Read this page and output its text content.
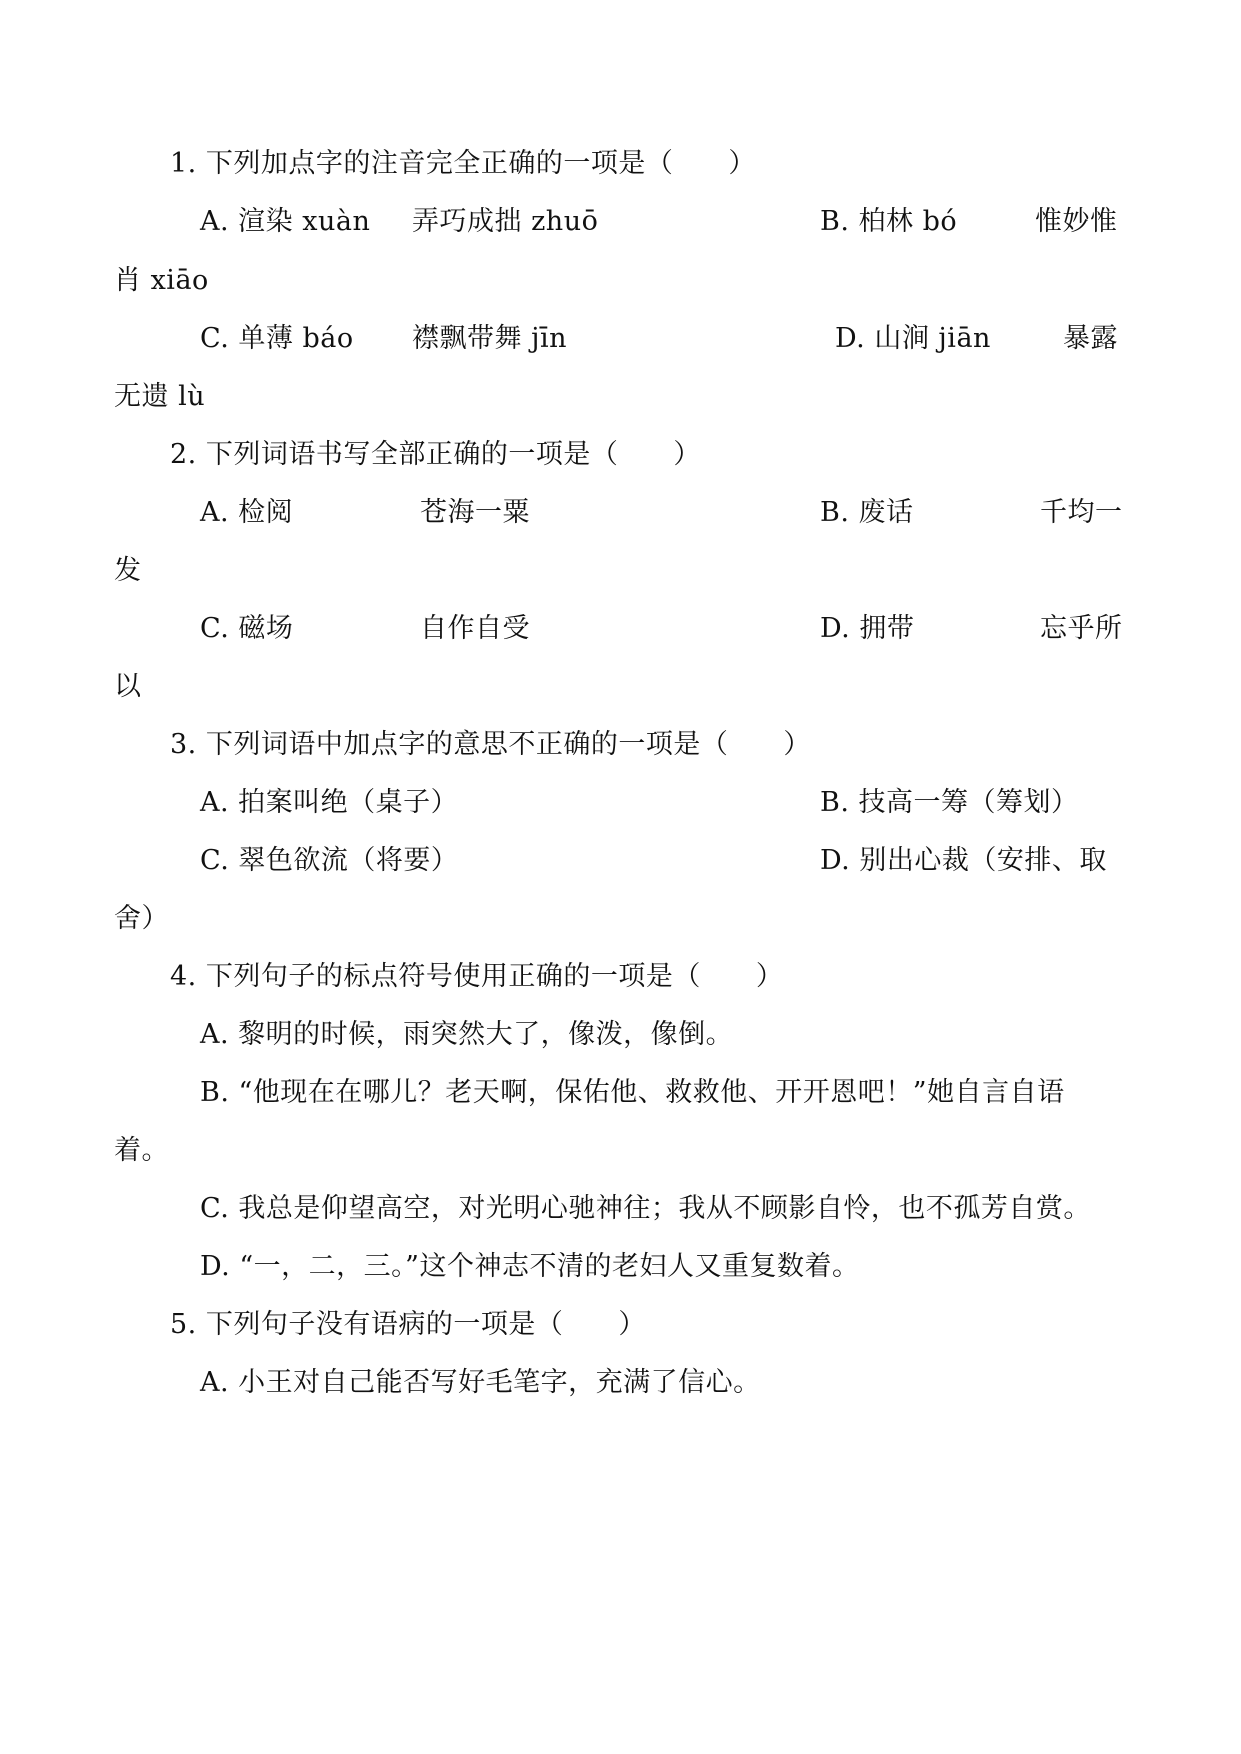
1. 下列加点字的注音完全正确的一项是（　　）
A. 渲染 xuàn 弄巧成拙 zhuō	B. 柏林 bó	惟妙惟
肖 xiāo
C. 单薄 báo 襟飘带舞 jīn	D. 山涧 jiān	暴露
无遗 lù
2. 下列词语书写全部正确的一项是（　　）
A. 检阅	苍海一粟	B. 废话	千均一
发
C. 磁场	自作自受	D. 拥带	忘乎所
以
3. 下列词语中加点字的意思不正确的一项是（　　）
A. 拍案叫绝（桌子）	B. 技高一筹（筹划）
C. 翠色欲流（将要）	D. 别出心裁（安排、取
舍）
4. 下列句子的标点符号使用正确的一项是（　　）
A. 黎明的时候，雨突然大了，像泼，像倒。
B. “他现在在哪儿？老天啊，保佑他、救救他、开开恩吧！”她自言自语
着。
C. 我总是仰望高空，对光明心驰神往；我从不顾影自怜，也不孤芳自赏。
D. “一，二，三。”这个神志不清的老妇人又重复数着。
5. 下列句子没有语病的一项是（　　）
A. 小王对自己能否写好毛笔字，充满了信心。
